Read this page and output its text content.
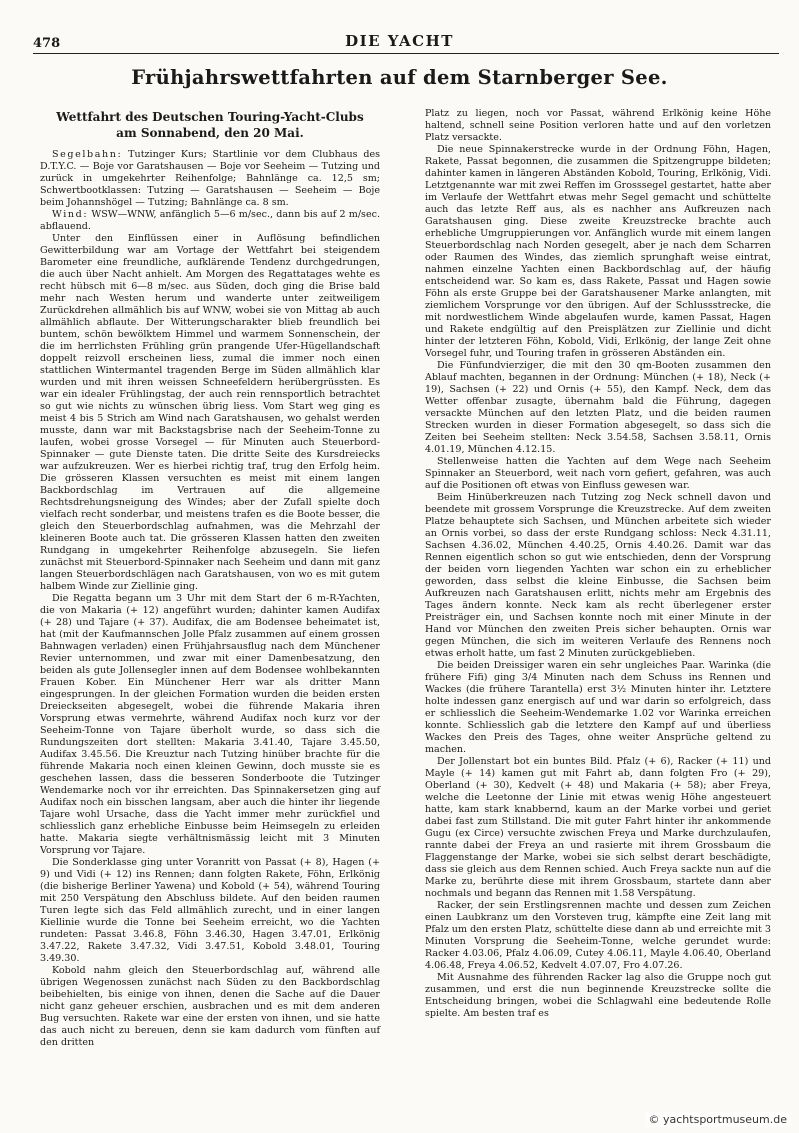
478	DIE YACHT
Frühjahrswettfahrten auf dem Starnberger See.
Wettfahrt des Deutschen Touring-Yacht-Clubs am Sonnabend, den 20 Mai.

Segelbahn: Tutzinger Kurs; Startlinie vor dem Clubhaus des D.T.Y.C. — Boje vor Garatshausen — Boje vor Seeheim — Tutzing und zurück in umgekehrter Reihenfolge; Bahnlänge ca. 12,5 sm; Schwertbootklassen: Tutzing — Garatshausen — Seeheim — Boje beim Johannshögel — Tutzing; Bahnlänge ca. 8 sm.

Wind: WSW—WNW, anfänglich 5—6 m/sec., dann bis auf 2 m/sec. abflauend.

Unter den Einflüssen einer in Auflösung befindlichen Gewitterbildung war am Vortage der Wettfahrt bei steigendem Barometer eine freundliche, aufklärende Tendenz durchgedrungen, die auch über Nacht anhielt. Am Morgen des Regattatages wehte es recht hübsch mit 6—8 m/sec. aus Süden, doch ging die Brise bald mehr nach Westen herum und wanderte unter zeitweiligem Zurückdrehen allmählich bis auf WNW, wobei sie von Mittag ab auch allmählich abflaute. Der Witterungscharakter blieb freundlich bei buntem, schön bewölktem Himmel und warmem Sonnenschein, der die im herrlichsten Frühling grün prangende Ufer-Hügellandschaft doppelt reizvoll erscheinen liess, zumal die immer noch einen stattlichen Wintermantel tragenden Berge im Süden allmählich klar wurden und mit ihren weissen Schneefeldern herübergrüssten. Es war ein idealer Frühlingstag, der auch rein rennsportlich betrachtet so gut wie nichts zu wünschen übrig liess. Vom Start weg ging es meist 4 bis 5 Strich am Wind nach Garatshausen, wo gehalst werden musste, dann war mit Backstagsbrise nach der Seeheim-Tonne zu laufen, wobei grosse Vorsegel — für Minuten auch Steuerbord-Spinnaker — gute Dienste taten. Die dritte Seite des Kursdreiecks war aufzukreuzen. Wer es hierbei richtig traf, trug den Erfolg heim. Die grösseren Klassen versuchten es meist mit einem langen Backbordschlag im Vertrauen auf die allgemeine Rechtsdrehungsneigung des Windes; aber der Zufall spielte doch vielfach recht sonderbar, und meistens trafen es die Boote besser, die gleich den Steuerbordschlag aufnahmen, was die Mehrzahl der kleineren Boote auch tat. Die grösseren Klassen hatten den zweiten Rundgang in umgekehrter Reihenfolge abzusegeln. Sie liefen zunächst mit Steuerbord-Spinnaker nach Seeheim und dann mit ganz langen Steuerbordschlägen nach Garatshausen, von wo es mit gutem halbem Winde zur Ziellinie ging.

Die Regatta begann um 3 Uhr mit dem Start der 6 m-R-Yachten, die von Makaria (+ 12) angeführt wurden; dahinter kamen Audifax (+ 28) und Tajare (+ 37). Audifax, die am Bodensee beheimatet ist, hat (mit der Kaufmannschen Jolle Pfalz zusammen auf einem grossen Bahnwagen verladen) einen Frühjahrsausflug nach dem Münchener Revier unternommen, und zwar mit einer Damenbesatzung, den beiden als gute Jollensegler innen auf dem Bodensee wohlbekannten Frauen Kober. Ein Münchener Herr war als dritter Mann eingesprungen. In der gleichen Formation wurden die beiden ersten Dreieckseiten abgesegelt, wobei die führende Makaria ihren Vorsprung etwas vermehrte, während Audifax noch kurz vor der Seeheim-Tonne von Tajare überholt wurde, so dass sich die Rundungszeiten dort stellten: Makaria 3.41.40, Tajare 3.45.50, Audifax 3.45.56. Die Kreuztur nach Tutzing hinüber brachte für die führende Makaria noch einen kleinen Gewinn, doch musste sie es geschehen lassen, dass die besseren Sonderboote die Tutzinger Wendemarke noch vor ihr erreichten. Das Spinnakersetzen ging auf Audifax noch ein bisschen langsam, aber auch die hinter ihr liegende Tajare wohl Ursache, dass die Yacht immer mehr zurückfiel und schliesslich ganz erhebliche Einbusse beim Heimsegeln zu erleiden hatte. Makaria siegte verhältnismässig leicht mit 3 Minuten Vorsprung vor Tajare.

Die Sonderklasse ging unter Voranritt von Passat (+ 8), Hagen (+ 9) und Vidi (+ 12) ins Rennen; dann folgten Rakete, Föhn, Erlkönig (die bisherige Berliner Yawena) und Kobold (+ 54), während Touring mit 250 Verspätung den Abschluss bildete. Auf den beiden raumen Turen legte sich das Feld allmählich zurecht, und in einer langen Kiellinie wurde die Tonne bei Seeheim erreicht, wo die Yachten rundeten: Passat 3.46.8, Föhn 3.46.30, Hagen 3.47.01, Erlkönig 3.47.22, Rakete 3.47.32, Vidi 3.47.51, Kobold 3.48.01, Touring 3.49.30.

Kobold nahm gleich den Steuerbordschlag auf, während alle übrigen Wegenossen zunächst nach Süden zu den Backbordschlag beibehielten, bis einige von ihnen, denen die Sache auf die Dauer nicht ganz geheuer erschien, ausbrachen und es mit dem anderen Bug versuchten. Rakete war eine der ersten von ihnen, und sie hatte das auch nicht zu bereuen, denn sie kam dadurch vom fünften auf den dritten

Platz zu liegen, noch vor Passat, während Erlkönig keine Höhe haltend, schnell seine Position verloren hatte und auf den vorletzen Platz versackte.

Die neue Spinnakerstrecke wurde in der Ordnung Föhn, Hagen, Rakete, Passat begonnen, die zusammen die Spitzengruppe bildeten; dahinter kamen in längeren Abständen Kobold, Touring, Erlkönig, Vidi. Letztgenannte war mit zwei Reffen im Grosssegel gestartet, hatte aber im Verlaufe der Wettfahrt etwas mehr Segel gemacht und schüttelte auch das letzte Reff aus, als es nachher ans Aufkreuzen nach Garatshausen ging. Diese zweite Kreuzstrecke brachte auch erhebliche Umgruppierungen vor. Anfänglich wurde mit einem langen Steuerbordschlag nach Norden gesegelt, aber je nach dem Scharren oder Raumen des Windes, das ziemlich sprunghaft weise eintrat, nahmen einzelne Yachten einen Backbordschlag auf, der häufig entscheidend war. So kam es, dass Rakete, Passat und Hagen sowie Föhn als erste Gruppe bei der Garatshausener Marke anlangten, mit ziemlichem Vorsprunge vor den übrigen. Auf der Schlussstrecke, die mit nordwestlichem Winde abgelaufen wurde, kamen Passat, Hagen und Rakete endgültig auf den Preisplätzen zur Ziellinie und dicht hinter der letzteren Föhn, Kobold, Vidi, Erlkönig, der lange Zeit ohne Vorsegel fuhr, und Touring trafen in grösseren Abständen ein.

Die Fünfundvierziger, die mit den 30 qm-Booten zusammen den Ablauf machten, begannen in der Ordnung: München (+ 18), Neck (+ 19), Sachsen (+ 22) und Ornis (+ 55), den Kampf. Neck, dem das Wetter offenbar zusagte, übernahm bald die Führung, dagegen versackte München auf den letzten Platz, und die beiden raumen Strecken wurden in dieser Formation abgesegelt, so dass sich die Zeiten bei Seeheim stellten: Neck 3.54.58, Sachsen 3.58.11, Ornis 4.01.19, München 4.12.15.

Stellenweise hatten die Yachten auf dem Wege nach Seeheim Spinnaker an Steuerbord, weit nach vorn gefiert, gefahren, was auch auf die Positionen oft etwas von Einfluss gewesen war.

Beim Hinüberkreuzen nach Tutzing zog Neck schnell davon und beendete mit grossem Vorsprunge die Kreuzstrecke. Auf dem zweiten Platze behauptete sich Sachsen, und München arbeitete sich wieder an Ornis vorbei, so dass der erste Rundgang schloss: Neck 4.31.11, Sachsen 4.36.02, München 4.40.25, Ornis 4.40.26. Damit war das Rennen eigentlich schon so gut wie entschieden, denn der Vorsprung der beiden vorn liegenden Yachten war schon ein zu erheblicher geworden, dass selbst die kleine Einbusse, die Sachsen beim Aufkreuzen nach Garatshausen erlitt, nichts mehr am Ergebnis des Tages ändern konnte. Neck kam als recht überlegener erster Preisträger ein, und Sachsen konnte noch mit einer Minute in der Hand vor München den zweiten Preis sicher behaupten. Ornis war gegen München, die sich im weiteren Verlaufe des Rennens noch etwas erholt hatte, um fast 2 Minuten zurückgeblieben.

Die beiden Dreissiger waren ein sehr ungleiches Paar. Warinka (die frühere Fifi) ging 3/4 Minuten nach dem Schuss ins Rennen und Wackes (die frühere Tarantella) erst 3½ Minuten hinter ihr. Letztere holte indessen ganz energisch auf und war darin so erfolgreich, dass er schliesslich die Seeheim-Wendemarke 1.02 vor Warinka erreichen konnte. Schliesslich gab die letztere den Kampf auf und überliess Wackes den Preis des Tages, ohne weiter Ansprüche geltend zu machen.

Der Jollenstart bot ein buntes Bild. Pfalz (+ 6), Racker (+ 11) und Mayle (+ 14) kamen gut mit Fahrt ab, dann folgten Fro (+ 29), Oberland (+ 30), Kedvelt (+ 48) und Makaria (+ 58); aber Freya, welche die Leetonne der Linie mit etwas wenig Höhe angesteuert hatte, kam stark knabbernd, kaum an der Marke vorbei und geriet dabei fast zum Stillstand. Die mit guter Fahrt hinter ihr ankommende Gugu (ex Circe) versuchte zwischen Freya und Marke durchzulaufen, rannte dabei der Freya an und rasierte mit ihrem Grossbaum die Flaggenstange der Marke, wobei sie sich selbst derart beschädigte, dass sie gleich aus dem Rennen schied. Auch Freya sackte nun auf die Marke zu, berührte diese mit ihrem Grossbaum, startete dann aber nochmals und begann das Rennen mit 1.58 Verspätung.

Racker, der sein Erstlingsrennen machte und dessen zum Zeichen einen Laubkranz um den Vorsteven trug, kämpfte eine Zeit lang mit Pfalz um den ersten Platz, schüttelte diese dann ab und erreichte mit 3 Minuten Vorsprung die Seeheim-Tonne, welche gerundet wurde: Racker 4.03.06, Pfalz 4.06.09, Cutey 4.06.11, Mayle 4.06.40, Oberland 4.06.48, Freya 4.06.52, Kedvelt 4.07.07, Fro 4.07.26.

Mit Ausnahme des führenden Racker lag also die Gruppe noch gut zusammen, und erst die nun beginnende Kreuzstrecke sollte die Entscheidung bringen, wobei die Schlagwahl eine bedeutende Rolle spielte. Am besten traf es

© yachtsportmuseum.de
